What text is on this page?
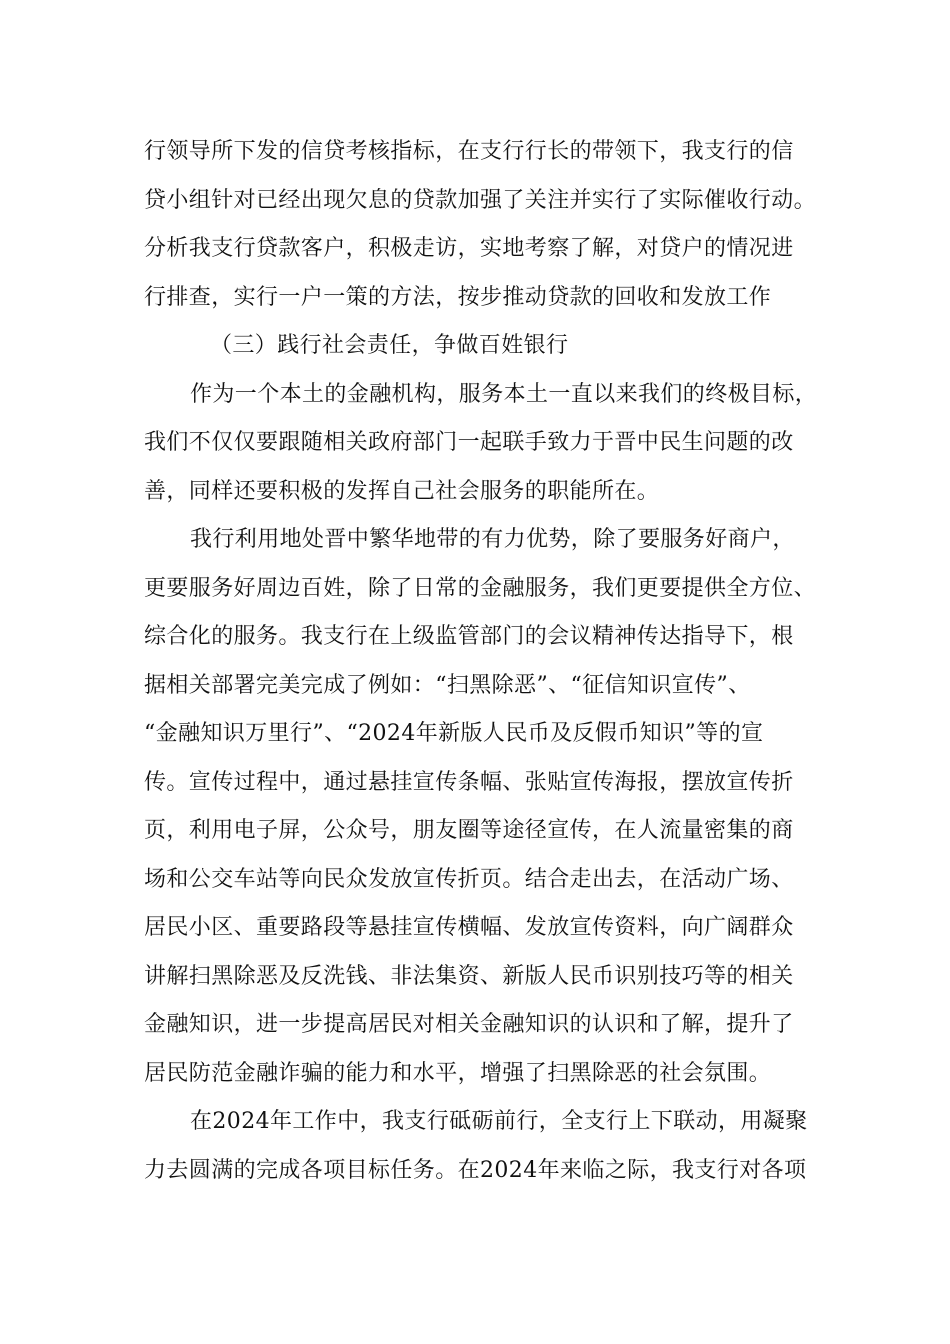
行领导所下发的信贷考核指标，在支行行长的带领下，我支行的信
贷小组针对已经出现欠息的贷款加强了关注并实行了实际催收行动。
分析我支行贷款客户，积极走访，实地考察了解，对贷户的情况进
行排查，实行一户一策的方法，按步推动贷款的回收和发放工作

（三）践行社会责任，争做百姓银行

作为一个本土的金融机构，服务本土一直以来我们的终极目标，
我们不仅仅要跟随相关政府部门一起联手致力于晋中民生问题的改
善，同样还要积极的发挥自己社会服务的职能所在。

我行利用地处晋中繁华地带的有力优势，除了要服务好商户，
更要服务好周边百姓，除了日常的金融服务，我们更要提供全方位、
综合化的服务。我支行在上级监管部门的会议精神传达指导下，根
据相关部署完美完成了例如：“扫黑除恶”、“征信知识宣传”、
“金融知识万里行”、“2024年新版人民币及反假币知识”等的宣
传。宣传过程中，通过悬挂宣传条幅、张贴宣传海报，摆放宣传折
页，利用电子屏，公众号，朋友圈等途径宣传，在人流量密集的商
场和公交车站等向民众发放宣传折页。结合走出去，在活动广场、
居民小区、重要路段等悬挂宣传横幅、发放宣传资料，向广阔群众
讲解扫黑除恶及反洗钱、非法集资、新版人民币识别技巧等的相关
金融知识，进一步提高居民对相关金融知识的认识和了解，提升了
居民防范金融诈骗的能力和水平，增强了扫黑除恶的社会氛围。

在2024年工作中，我支行砥砺前行，全支行上下联动，用凝聚
力去圆满的完成各项目标任务。在2024年来临之际，我支行对各项
